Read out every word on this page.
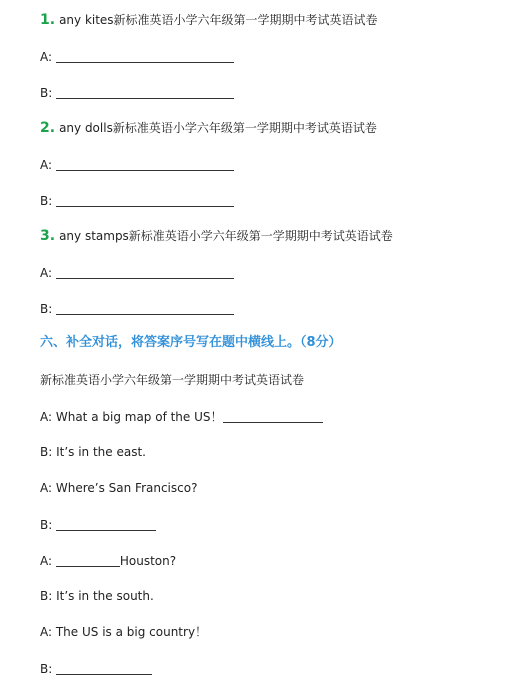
1. any kites新标准英语小学六年级第一学期期中考试英语试卷
A:
B:
2. any dolls新标准英语小学六年级第一学期期中考试英语试卷
A:
B:
3. any stamps新标准英语小学六年级第一学期期中考试英语试卷
A:
B:
六、补全对话，将答案序号写在题中横线上。（8分）
新标准英语小学六年级第一学期期中考试英语试卷
A: What a big map of the US！
B: It’s in the east.
A: Where’s San Francisco?
B:
A:	Houston?
B: It’s in the south.
A: The US is a big country！
B:
